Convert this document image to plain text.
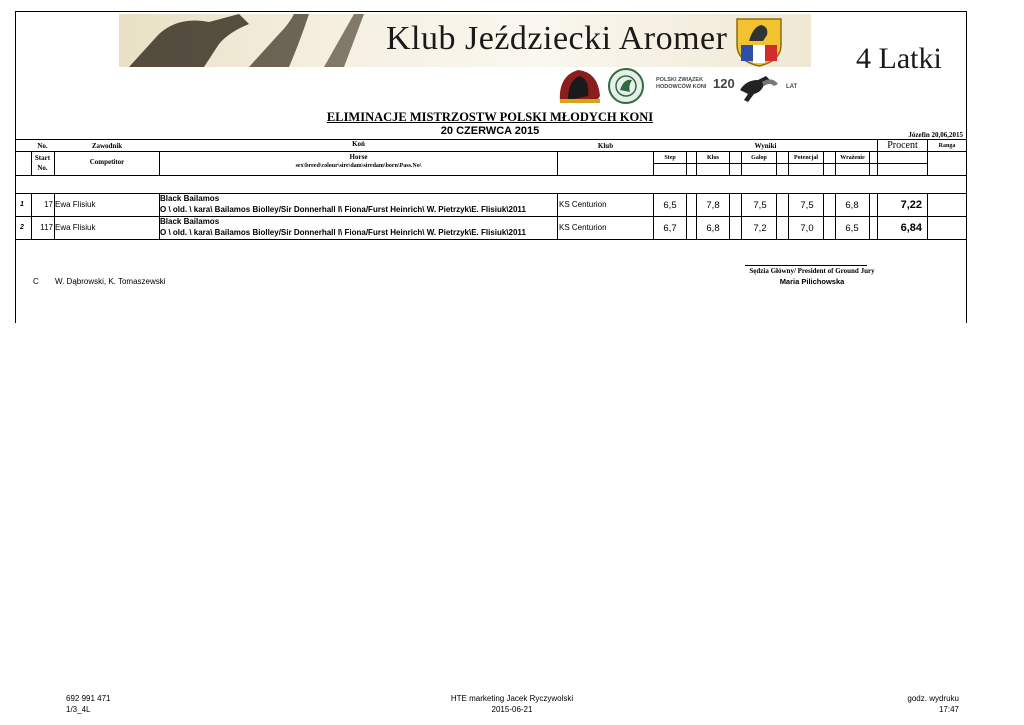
Klub Jeździecki Aromer
POLSKI ZWIĄZEK
HODOWCÓW KONI 120	LAT
4 Latki
ELIMINACJE MISTRZOSTW POLSKI MŁODYCH KONI
20 CZERWCA 2015	Józefin 20,06,2015
No.	Zawodnik	Koń	Klub	Wyniki	Procent	Ranga
Start
No.
Competitor
Horse
sex\breed\colour\sire\dam\siredam\born\Pass.No\
Step	Klus	Galop	Potencjał	Wrażenie
1	17 Ewa Flisiuk
Black Bailamos
O \ old. \ kara\ Bailamos Biolley/Sir Donnerhall I\ Fiona/Furst Heinrich\ W. Pietrzyk\E. Flisiuk\2011
KS Centurion	6,5	7,8	7,5	7,5	6,8	7,22
2	117 Ewa Flisiuk
Black Bailamos
O \ old. \ kara\ Bailamos Biolley/Sir Donnerhall I\ Fiona/Furst Heinrich\ W. Pietrzyk\E. Flisiuk\2011
KS Centurion	6,7	6,8	7,2	7,0	6,5	6,84
C W. Dąbrowski, K. Tomaszewski
Sędzia Główny/ President of Ground Jury
Maria Pilichowska
692 991 471
1/3_4L
HTE marketing Jacek Ryczywolski
2015-06-21
godz. wydruku
17:47
